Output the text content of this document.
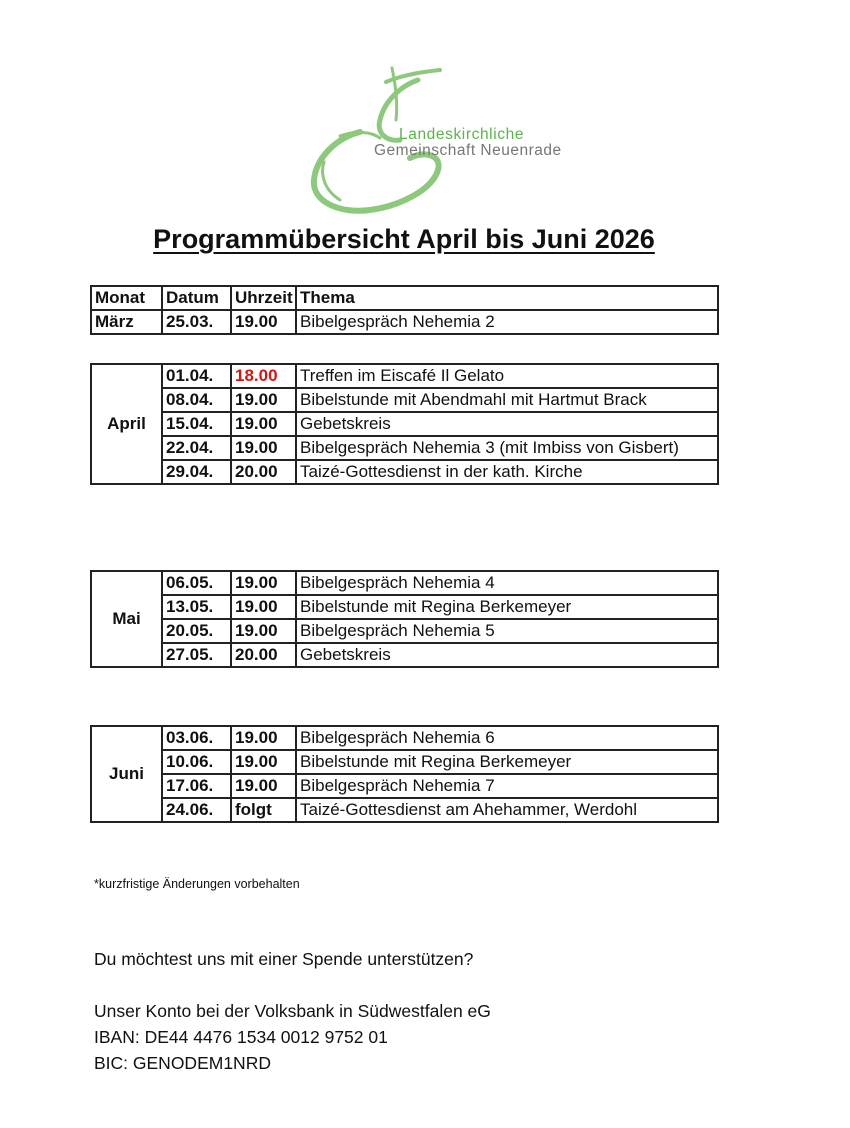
Landeskirchliche
Gemeinschaft Neuenrade
Programmübersicht April bis Juni 2026
Monat	Datum	Uhrzeit	Thema
März	25.03.	19.00	Bibelgespräch Nehemia 2
April	01.04.	18.00	Treffen im Eiscafé Il Gelato
	08.04.	19.00	Bibelstunde mit Abendmahl mit Hartmut Brack
	15.04.	19.00	Gebetskreis
	22.04.	19.00	Bibelgespräch Nehemia 3 (mit Imbiss von Gisbert)
	29.04.	20.00	Taizé-Gottesdienst in der kath. Kirche
Mai	06.05.	19.00	Bibelgespräch Nehemia 4
	13.05.	19.00	Bibelstunde mit Regina Berkemeyer
	20.05.	19.00	Bibelgespräch Nehemia 5
	27.05.	20.00	Gebetskreis
Juni	03.06.	19.00	Bibelgespräch Nehemia 6
	10.06.	19.00	Bibelstunde mit Regina Berkemeyer
	17.06.	19.00	Bibelgespräch Nehemia 7
	24.06.	folgt	Taizé-Gottesdienst am Ahehammer, Werdohl
*kurzfristige Änderungen vorbehalten
Du möchtest uns mit einer Spende unterstützen?
Unser Konto bei der Volksbank in Südwestfalen eG
IBAN: DE44 4476 1534 0012 9752 01
BIC: GENODEM1NRD
